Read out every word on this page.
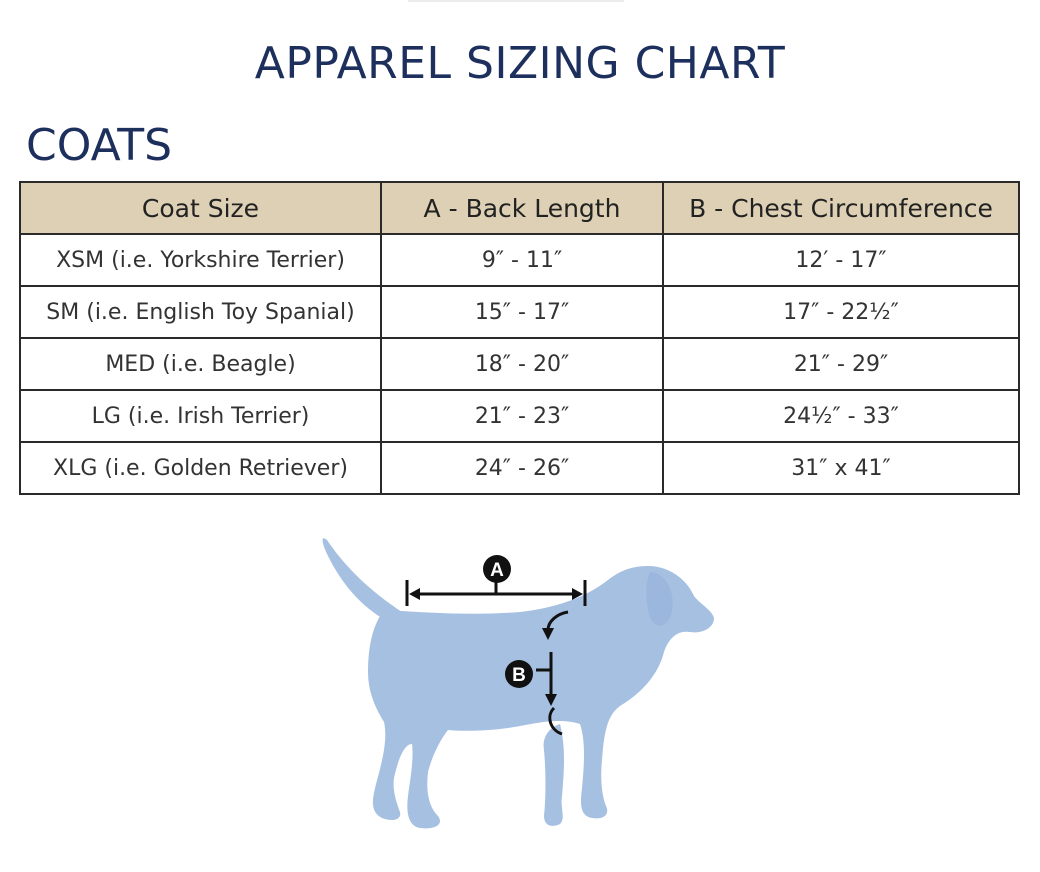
APPAREL SIZING CHART
COATS
Coat Size	A - Back Length	B - Chest Circumference
XSM (i.e. Yorkshire Terrier)	9″ - 11″	12′ - 17″
SM (i.e. English Toy Spanial)	15″ - 17″	17″ - 22½″
MED (i.e. Beagle)	18″ - 20″	21″ - 29″
LG (i.e. Irish Terrier)	21″ - 23″	24½″ - 33″
XLG (i.e. Golden Retriever)	24″ - 26″	31″ x 41″
A
B
